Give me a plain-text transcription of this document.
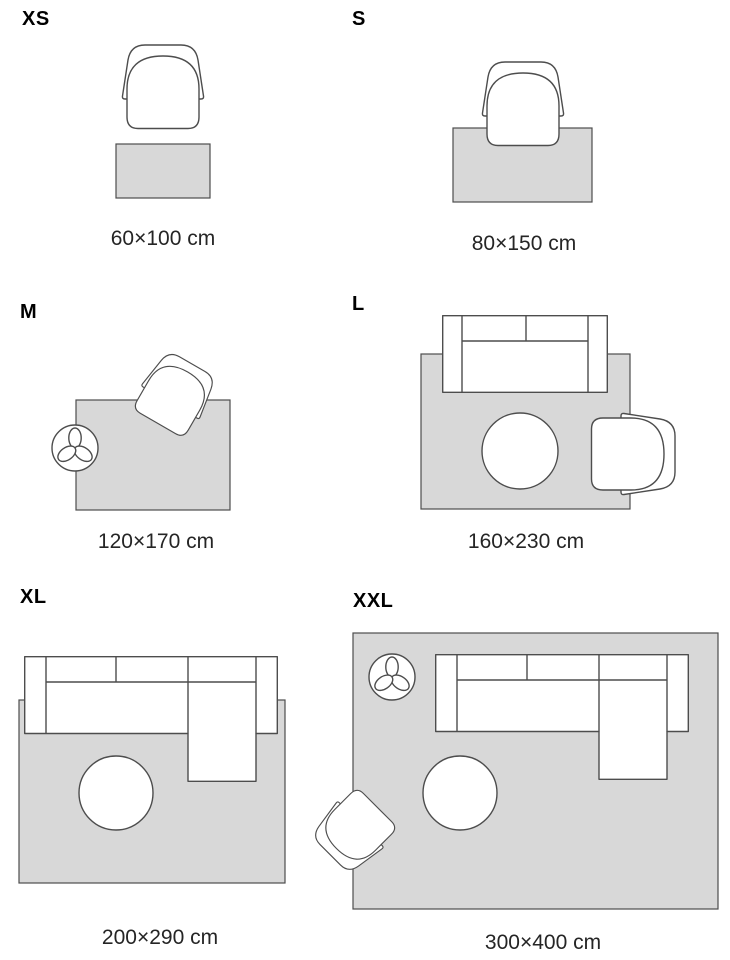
XS	S
M	L
XL	XXL
60×100 cm	80×150 cm
120×170 cm	160×230 cm
200×290 cm	300×400 cm
